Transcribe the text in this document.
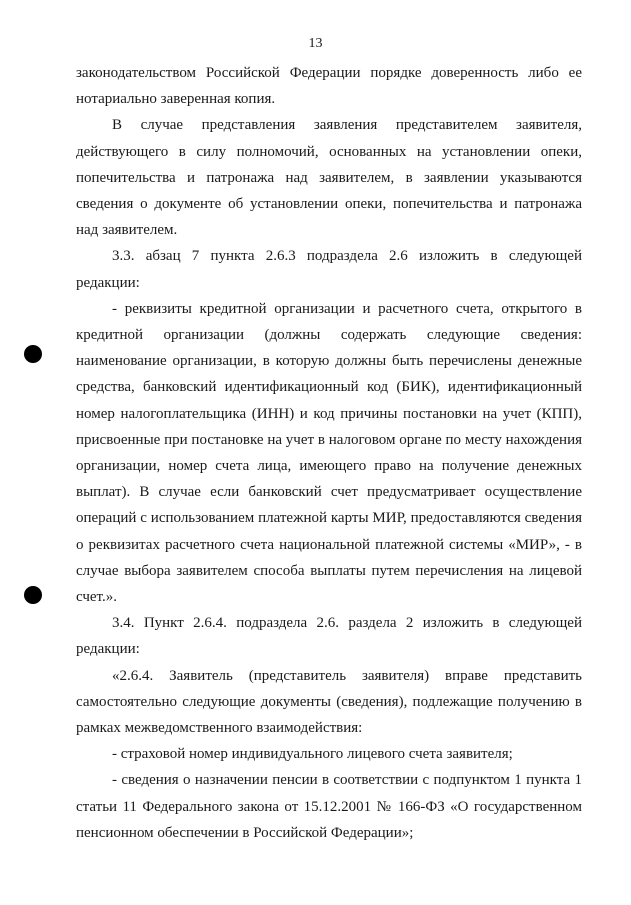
13
законодательством Российской Федерации порядке доверенность либо ее
нотариально заверенная копия.
В случае представления заявления представителем заявителя,
действующего в силу полномочий, основанных на установлении опеки,
попечительства и патронажа над заявителем, в заявлении указываются
сведения о документе об установлении опеки, попечительства и патронажа
над заявителем.
3.3. абзац 7 пункта 2.6.3 подраздела 2.6 изложить в следующей
редакции:
- реквизиты кредитной организации и расчетного счета, открытого в
кредитной организации (должны содержать следующие сведения:
наименование организации, в которую должны быть перечислены денежные
средства, банковский идентификационный код (БИК), идентификационный
номер налогоплательщика (ИНН) и код причины постановки на учет (КПП),
присвоенные при постановке на учет в налоговом органе по месту нахождения
организации, номер счета лица, имеющего право на получение денежных
выплат). В случае если банковский счет предусматривает осуществление
операций с использованием платежной карты МИР, предоставляются сведения
о реквизитах расчетного счета национальной платежной системы «МИР», - в
случае выбора заявителем способа выплаты путем перечисления на лицевой
счет.».
3.4. Пункт 2.6.4. подраздела 2.6. раздела 2 изложить в следующей
редакции:
«2.6.4. Заявитель (представитель заявителя) вправе представить
самостоятельно следующие документы (сведения), подлежащие получению в
рамках межведомственного взаимодействия:
- страховой номер индивидуального лицевого счета заявителя;
- сведения о назначении пенсии в соответствии с подпунктом 1 пункта 1
статьи 11 Федерального закона от 15.12.2001 № 166-ФЗ «О государственном
пенсионном обеспечении в Российской Федерации»;
